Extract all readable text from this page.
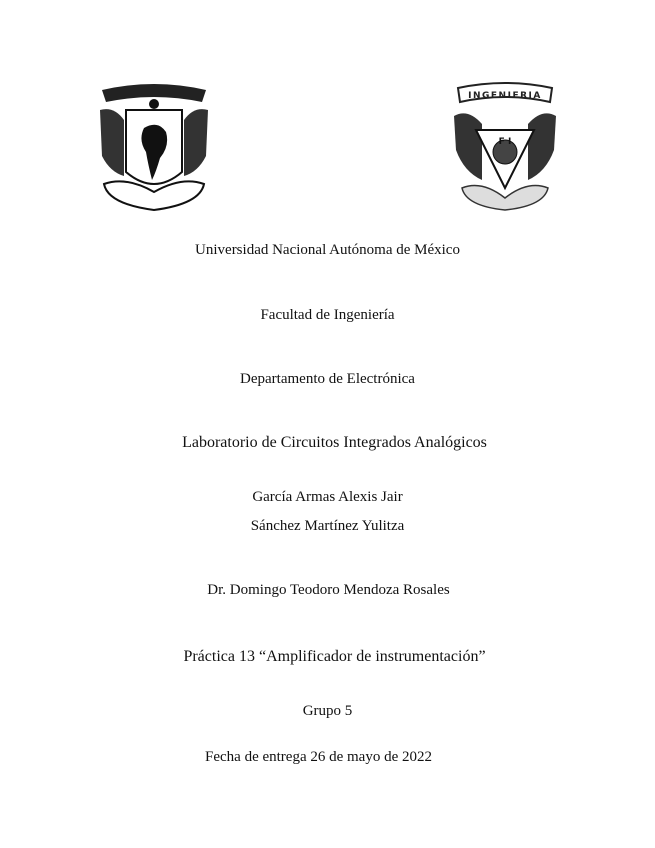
INGENIERIA
F I
Universidad Nacional Autónoma de México
Facultad de Ingeniería
Departamento de Electrónica
Laboratorio de Circuitos Integrados Analógicos
García Armas Alexis Jair
Sánchez Martínez Yulitza
Dr. Domingo Teodoro Mendoza Rosales
Práctica 13 “Amplificador de instrumentación”
Grupo 5
Fecha de entrega 26 de mayo de 2022
